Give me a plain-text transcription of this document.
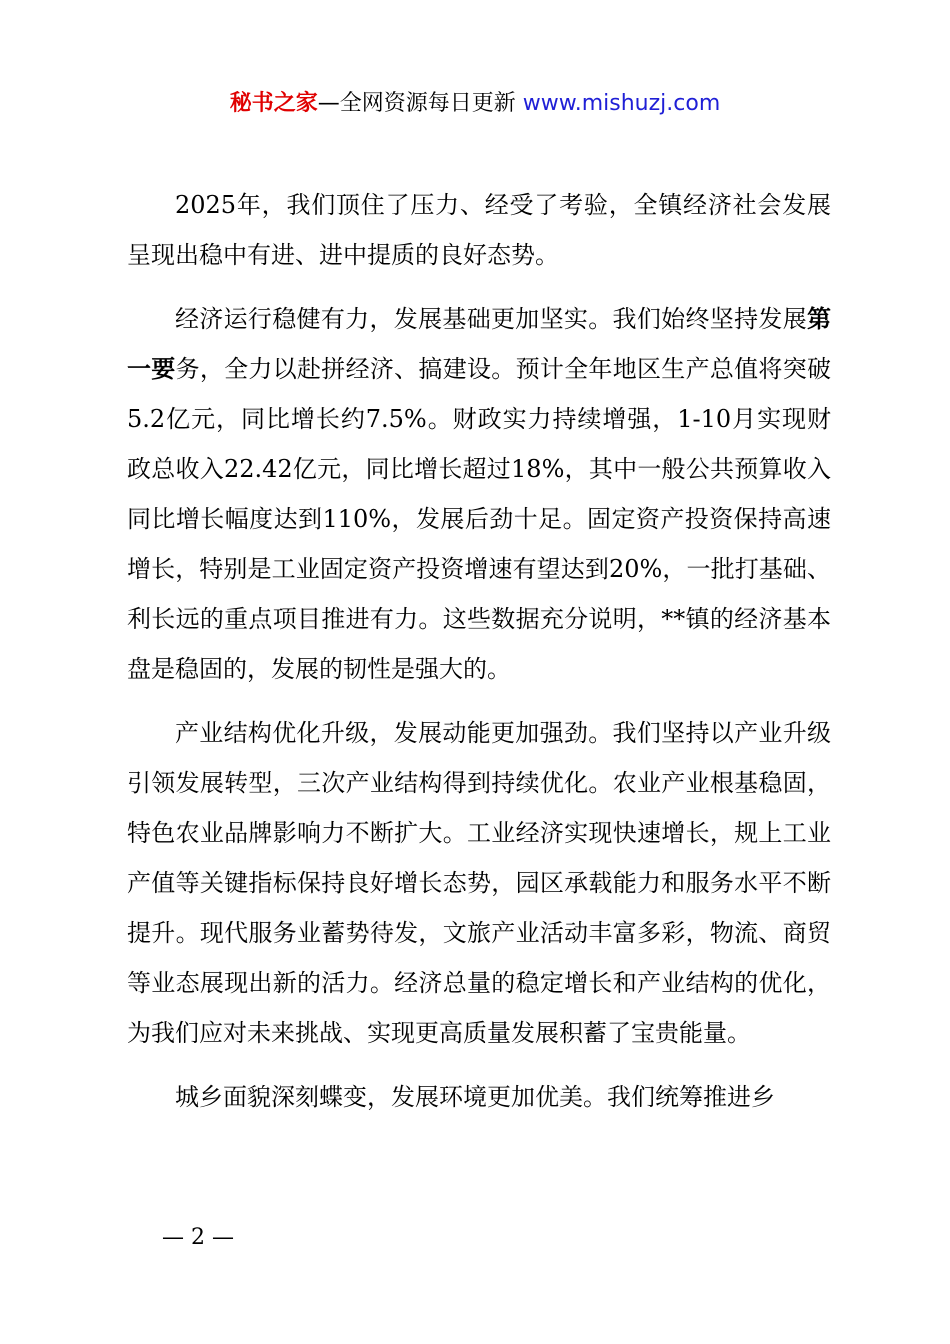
秘书之家—全网资源每日更新 www.mishuzj.com

2025年，我们顶住了压力、经受了考验，全镇经济社会发展呈现出稳中有进、进中提质的良好态势。

经济运行稳健有力，发展基础更加坚实。我们始终坚持发展第一要务，全力以赴拼经济、搞建设。预计全年地区生产总值将突破5.2亿元，同比增长约7.5%。财政实力持续增强，1-10月实现财政总收入22.42亿元，同比增长超过18%，其中一般公共预算收入同比增长幅度达到110%，发展后劲十足。固定资产投资保持高速增长，特别是工业固定资产投资增速有望达到20%，一批打基础、利长远的重点项目推进有力。这些数据充分说明，**镇的经济基本盘是稳固的，发展的韧性是强大的。

产业结构优化升级，发展动能更加强劲。我们坚持以产业升级引领发展转型，三次产业结构得到持续优化。农业产业根基稳固，特色农业品牌影响力不断扩大。工业经济实现快速增长，规上工业产值等关键指标保持良好增长态势，园区承载能力和服务水平不断提升。现代服务业蓄势待发，文旅产业活动丰富多彩，物流、商贸等业态展现出新的活力。经济总量的稳定增长和产业结构的优化，为我们应对未来挑战、实现更高质量发展积蓄了宝贵能量。

城乡面貌深刻蝶变，发展环境更加优美。我们统筹推进乡

— 2 —
